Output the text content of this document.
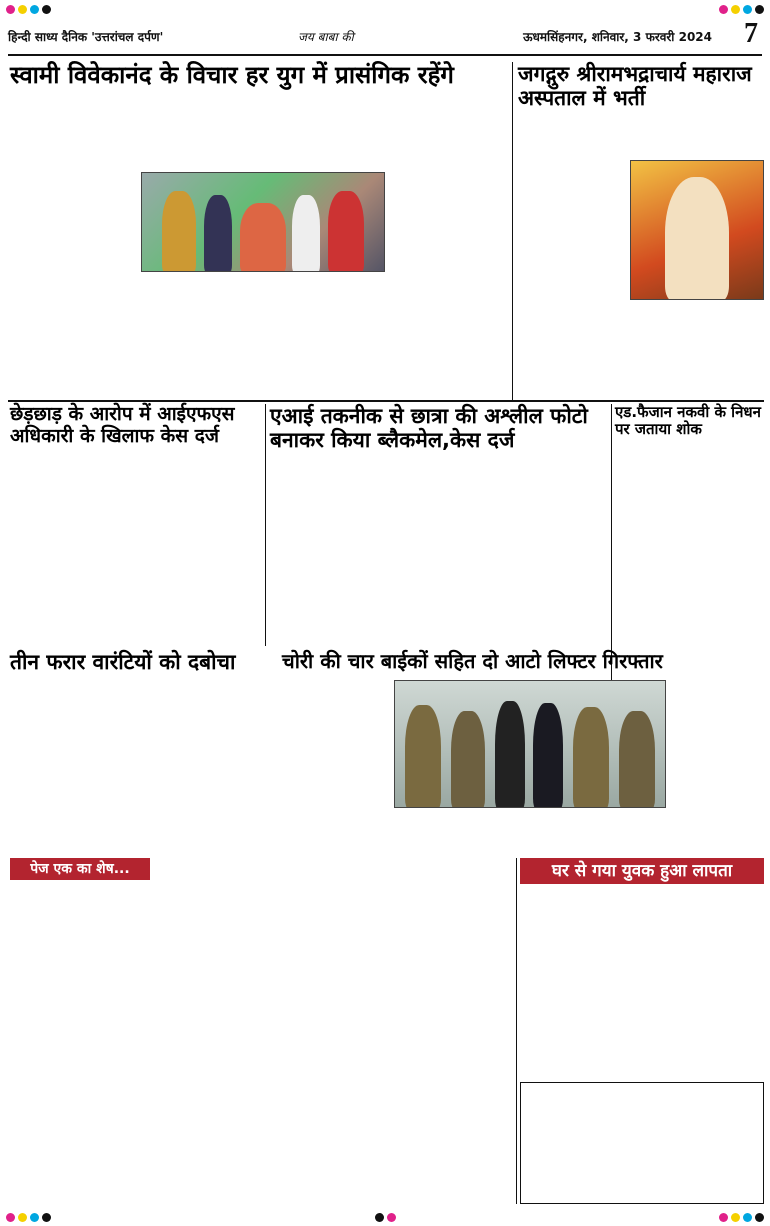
हिन्दी साध्य दैनिक 'उत्तरांचल दर्पण'	जय बाबा की	ऊधमसिंहनगर, शनिवार, 3 फरवरी 2024 7
स्वामी विवेकानंद के विचार हर युग में प्रासंगिक रहेंगे	जगद्गुरु श्रीरामभद्राचार्य महाराज अस्पताल में भर्ती
छेड़छाड़ के आरोप में आईएफएस अधिकारी के खिलाफ केस दर्ज
एआई तकनीक से छात्रा की अश्लील फोटो बनाकर किया ब्लैकमेल,केस दर्ज
एड.फैजान नकवी के निधन पर जताया शोक
तीन फरार वारंटियों को दबोचा	चोरी की चार बाईकों सहित दो आटो लिफ्टर गिरफ्तार
पेज एक का शेष...	घर से गया युवक हुआ लापता
